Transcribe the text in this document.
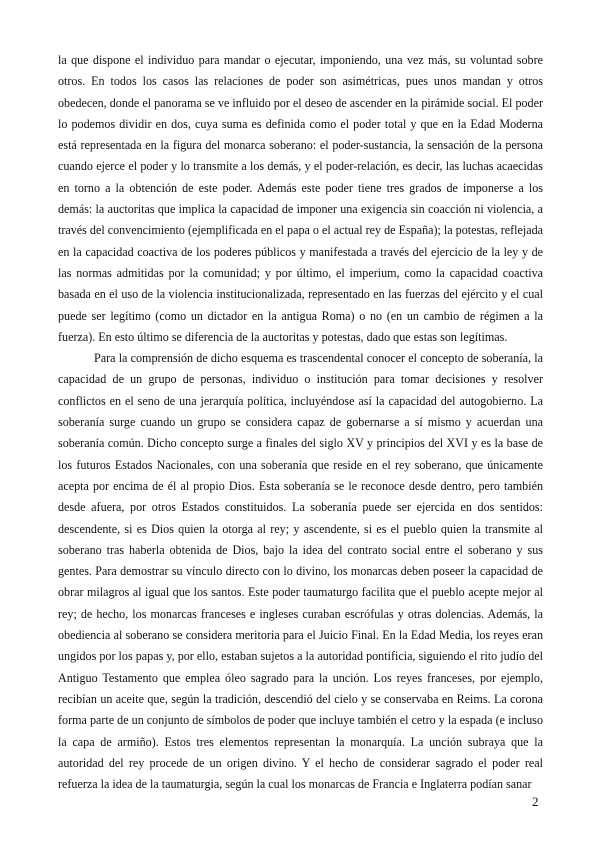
la que dispone el individuo para mandar o ejecutar, imponiendo, una vez más, su voluntad sobre otros. En todos los casos las relaciones de poder son asimétricas, pues unos mandan y otros obedecen, donde el panorama se ve influido por el deseo de ascender en la pirámide social. El poder lo podemos dividir en dos, cuya suma es definida como el poder total y que en la Edad Moderna está representada en la figura del monarca soberano: el poder-sustancia, la sensación de la persona cuando ejerce el poder y lo transmite a los demás, y el poder-relación, es decir, las luchas acaecidas en torno a la obtención de este poder. Además este poder tiene tres grados de imponerse a los demás: la auctoritas que implica la capacidad de imponer una exigencia sin coacción ni violencia, a través del convencimiento (ejemplificada en el papa o el actual rey de España); la potestas, reflejada en la capacidad coactiva de los poderes públicos y manifestada a través del ejercicio de la ley y de las normas admitidas por la comunidad; y por último, el imperium, como la capacidad coactiva basada en el uso de la violencia institucionalizada, representado en las fuerzas del ejército y el cual puede ser legítimo (como un dictador en la antigua Roma) o no (en un cambio de régimen a la fuerza). En esto último se diferencia de la auctoritas y potestas, dado que estas son legítimas.

Para la comprensión de dicho esquema es trascendental conocer el concepto de soberanía, la capacidad de un grupo de personas, individuo o institución para tomar decisiones y resolver conflictos en el seno de una jerarquía política, incluyéndose así la capacidad del autogobierno. La soberanía surge cuando un grupo se considera capaz de gobernarse a sí mismo y acuerdan una soberanía común. Dicho concepto surge a finales del siglo XV y principios del XVI y es la base de los futuros Estados Nacionales, con una soberanía que reside en el rey soberano, que únicamente acepta por encima de él al propio Dios. Esta soberanía se le reconoce desde dentro, pero también desde afuera, por otros Estados constituidos. La soberanía puede ser ejercida en dos sentidos: descendente, si es Dios quien la otorga al rey; y ascendente, si es el pueblo quien la transmite al soberano tras haberla obtenida de Dios, bajo la idea del contrato social entre el soberano y sus gentes. Para demostrar su vínculo directo con lo divino, los monarcas deben poseer la capacidad de obrar milagros al igual que los santos. Este poder taumaturgo facilita que el pueblo acepte mejor al rey; de hecho, los monarcas franceses e ingleses curaban escrófulas y otras dolencias. Además, la obediencia al soberano se considera meritoria para el Juicio Final. En la Edad Media, los reyes eran ungidos por los papas y, por ello, estaban sujetos a la autoridad pontificia, siguiendo el rito judío del Antiguo Testamento que emplea óleo sagrado para la unción. Los reyes franceses, por ejemplo, recibían un aceite que, según la tradición, descendió del cielo y se conservaba en Reims. La corona forma parte de un conjunto de símbolos de poder que incluye también el cetro y la espada (e incluso la capa de armiño). Estos tres elementos representan la monarquía. La unción subraya que la autoridad del rey procede de un origen divino. Y el hecho de considerar sagrado el poder real refuerza la idea de la taumaturgia, según la cual los monarcas de Francia e Inglaterra podían sanar

2
